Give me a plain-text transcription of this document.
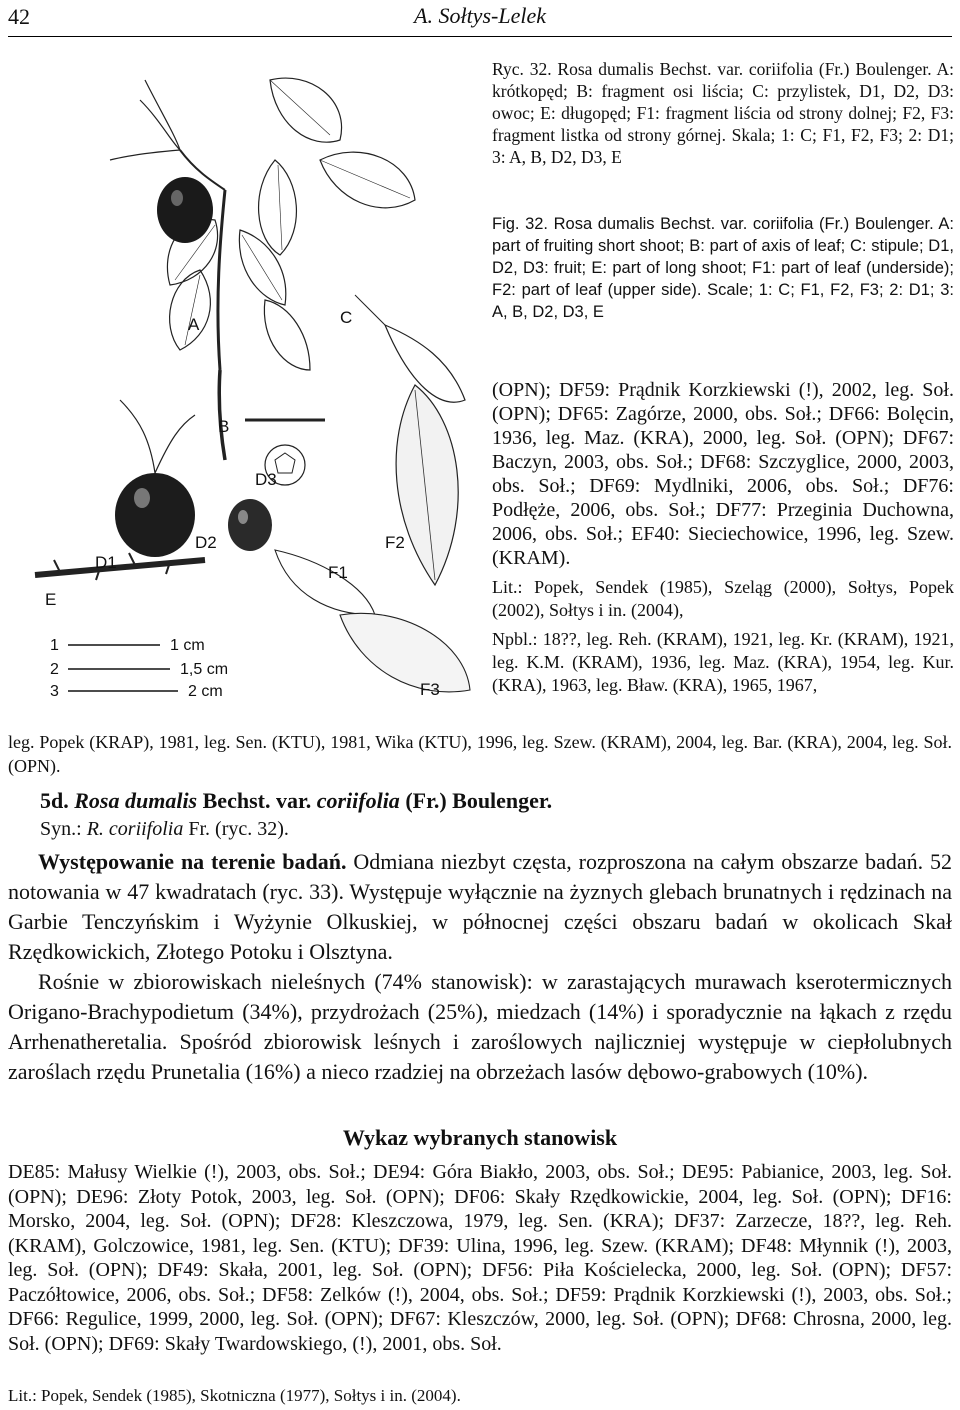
42	A. Sołtys-Lelek
A
B
C
D1
D2
D3
E
F1
F2
F3
1	1 cm
2	1,5 cm
3	2 cm
Ryc. 32. Rosa dumalis Bechst. var. coriifolia (Fr.) Boulenger. A: krótkopęd; B: fragment osi liścia; C: przylistek, D1, D2, D3: owoc; E: długopęd; F1: fragment liścia od strony dolnej; F2, F3: fragment listka od strony górnej. Skala; 1: C; F1, F2, F3; 2: D1; 3: A, B, D2, D3, E
Fig. 32. Rosa dumalis Bechst. var. coriifolia (Fr.) Boulenger. A: part of fruiting short shoot; B: part of axis of leaf; C: stipule; D1, D2, D3: fruit; E: part of long shoot; F1: part of leaf (underside); F2: part of leaf (upper side). Scale; 1: C; F1, F2, F3; 2: D1; 3: A, B, D2, D3, E
(OPN); DF59: Prądnik Korzkiewski (!), 2002, leg. Soł. (OPN); DF65: Zagórze, 2000, obs. Soł.; DF66: Bolęcin, 1936, leg. Maz. (KRA), 2000, leg. Soł. (OPN); DF67: Baczyn, 2003, obs. Soł.; DF68: Szczyglice, 2000, 2003, obs. Soł.; DF69: Mydlniki, 2006, obs. Soł.; DF76: Podłęże, 2006, obs. Soł.; DF77: Przeginia Duchowna, 2006, obs. Soł.; EF40: Sieciechowice, 1996, leg. Szew. (KRAM).
Lit.: Popek, Sendek (1985), Szeląg (2000), Sołtys, Popek (2002), Sołtys i in. (2004),
Npbl.: 18??, leg. Reh. (KRAM), 1921, leg. Kr. (KRAM), 1921, leg. K.M. (KRAM), 1936, leg. Maz. (KRA), 1954, leg. Kur. (KRA), 1963, leg. Bław. (KRA), 1965, 1967,
leg. Popek (KRAP), 1981, leg. Sen. (KTU), 1981, Wika (KTU), 1996, leg. Szew. (KRAM), 2004, leg. Bar. (KRA), 2004, leg. Soł. (OPN).
5d. Rosa dumalis Bechst. var. coriifolia (Fr.) Boulenger.
Syn.: R. coriifolia Fr. (ryc. 32).

Występowanie na terenie badań. Odmiana niezbyt częsta, rozproszona na całym obszarze badań. 52 notowania w 47 kwadratach (ryc. 33). Występuje wyłącznie na żyznych glebach brunatnych i rędzinach na Garbie Tenczyńskim i Wyżynie Olkuskiej, w północnej części obszaru badań w okolicach Skał Rzędkowickich, Złotego Potoku i Olsztyna.

Rośnie w zbiorowiskach nieleśnych (74% stanowisk): w zarastających murawach kserotermicznych Origano-Brachypodietum (34%), przydrożach (25%), miedzach (14%) i sporadycznie na łąkach z rzędu Arrhenatheretalia. Spośród zbiorowisk leśnych i zaroślowych najliczniej występuje w ciepłolubnych zaroślach rzędu Prunetalia (16%) a nieco rzadziej na obrzeżach lasów dębowo-grabowych (10%).

Wykaz wybranych stanowisk
DE85: Małusy Wielkie (!), 2003, obs. Soł.; DE94: Góra Biakło, 2003, obs. Soł.; DE95: Pabianice, 2003, leg. Soł. (OPN); DE96: Złoty Potok, 2003, leg. Soł. (OPN); DF06: Skały Rzędkowickie, 2004, leg. Soł. (OPN); DF16: Morsko, 2004, leg. Soł. (OPN); DF28: Kleszczowa, 1979, leg. Sen. (KRA); DF37: Zarzecze, 18??, leg. Reh. (KRAM), Golczowice, 1981, leg. Sen. (KTU); DF39: Ulina, 1996, leg. Szew. (KRAM); DF48: Młynnik (!), 2003, leg. Soł. (OPN); DF49: Skała, 2001, leg. Soł. (OPN); DF56: Piła Kościelecka, 2000, leg. Soł. (OPN); DF57: Paczółtowice, 2006, obs. Soł.; DF58: Zelków (!), 2004, obs. Soł.; DF59: Prądnik Korzkiewski (!), 2003, obs. Soł.; DF66: Regulice, 1999, 2000, leg. Soł. (OPN); DF67: Kleszczów, 2000, leg. Soł. (OPN); DF68: Chrosna, 2000, leg. Soł. (OPN); DF69: Skały Twardowskiego, (!), 2001, obs. Soł.
Lit.: Popek, Sendek (1985), Skotniczna (1977), Sołtys i in. (2004).
